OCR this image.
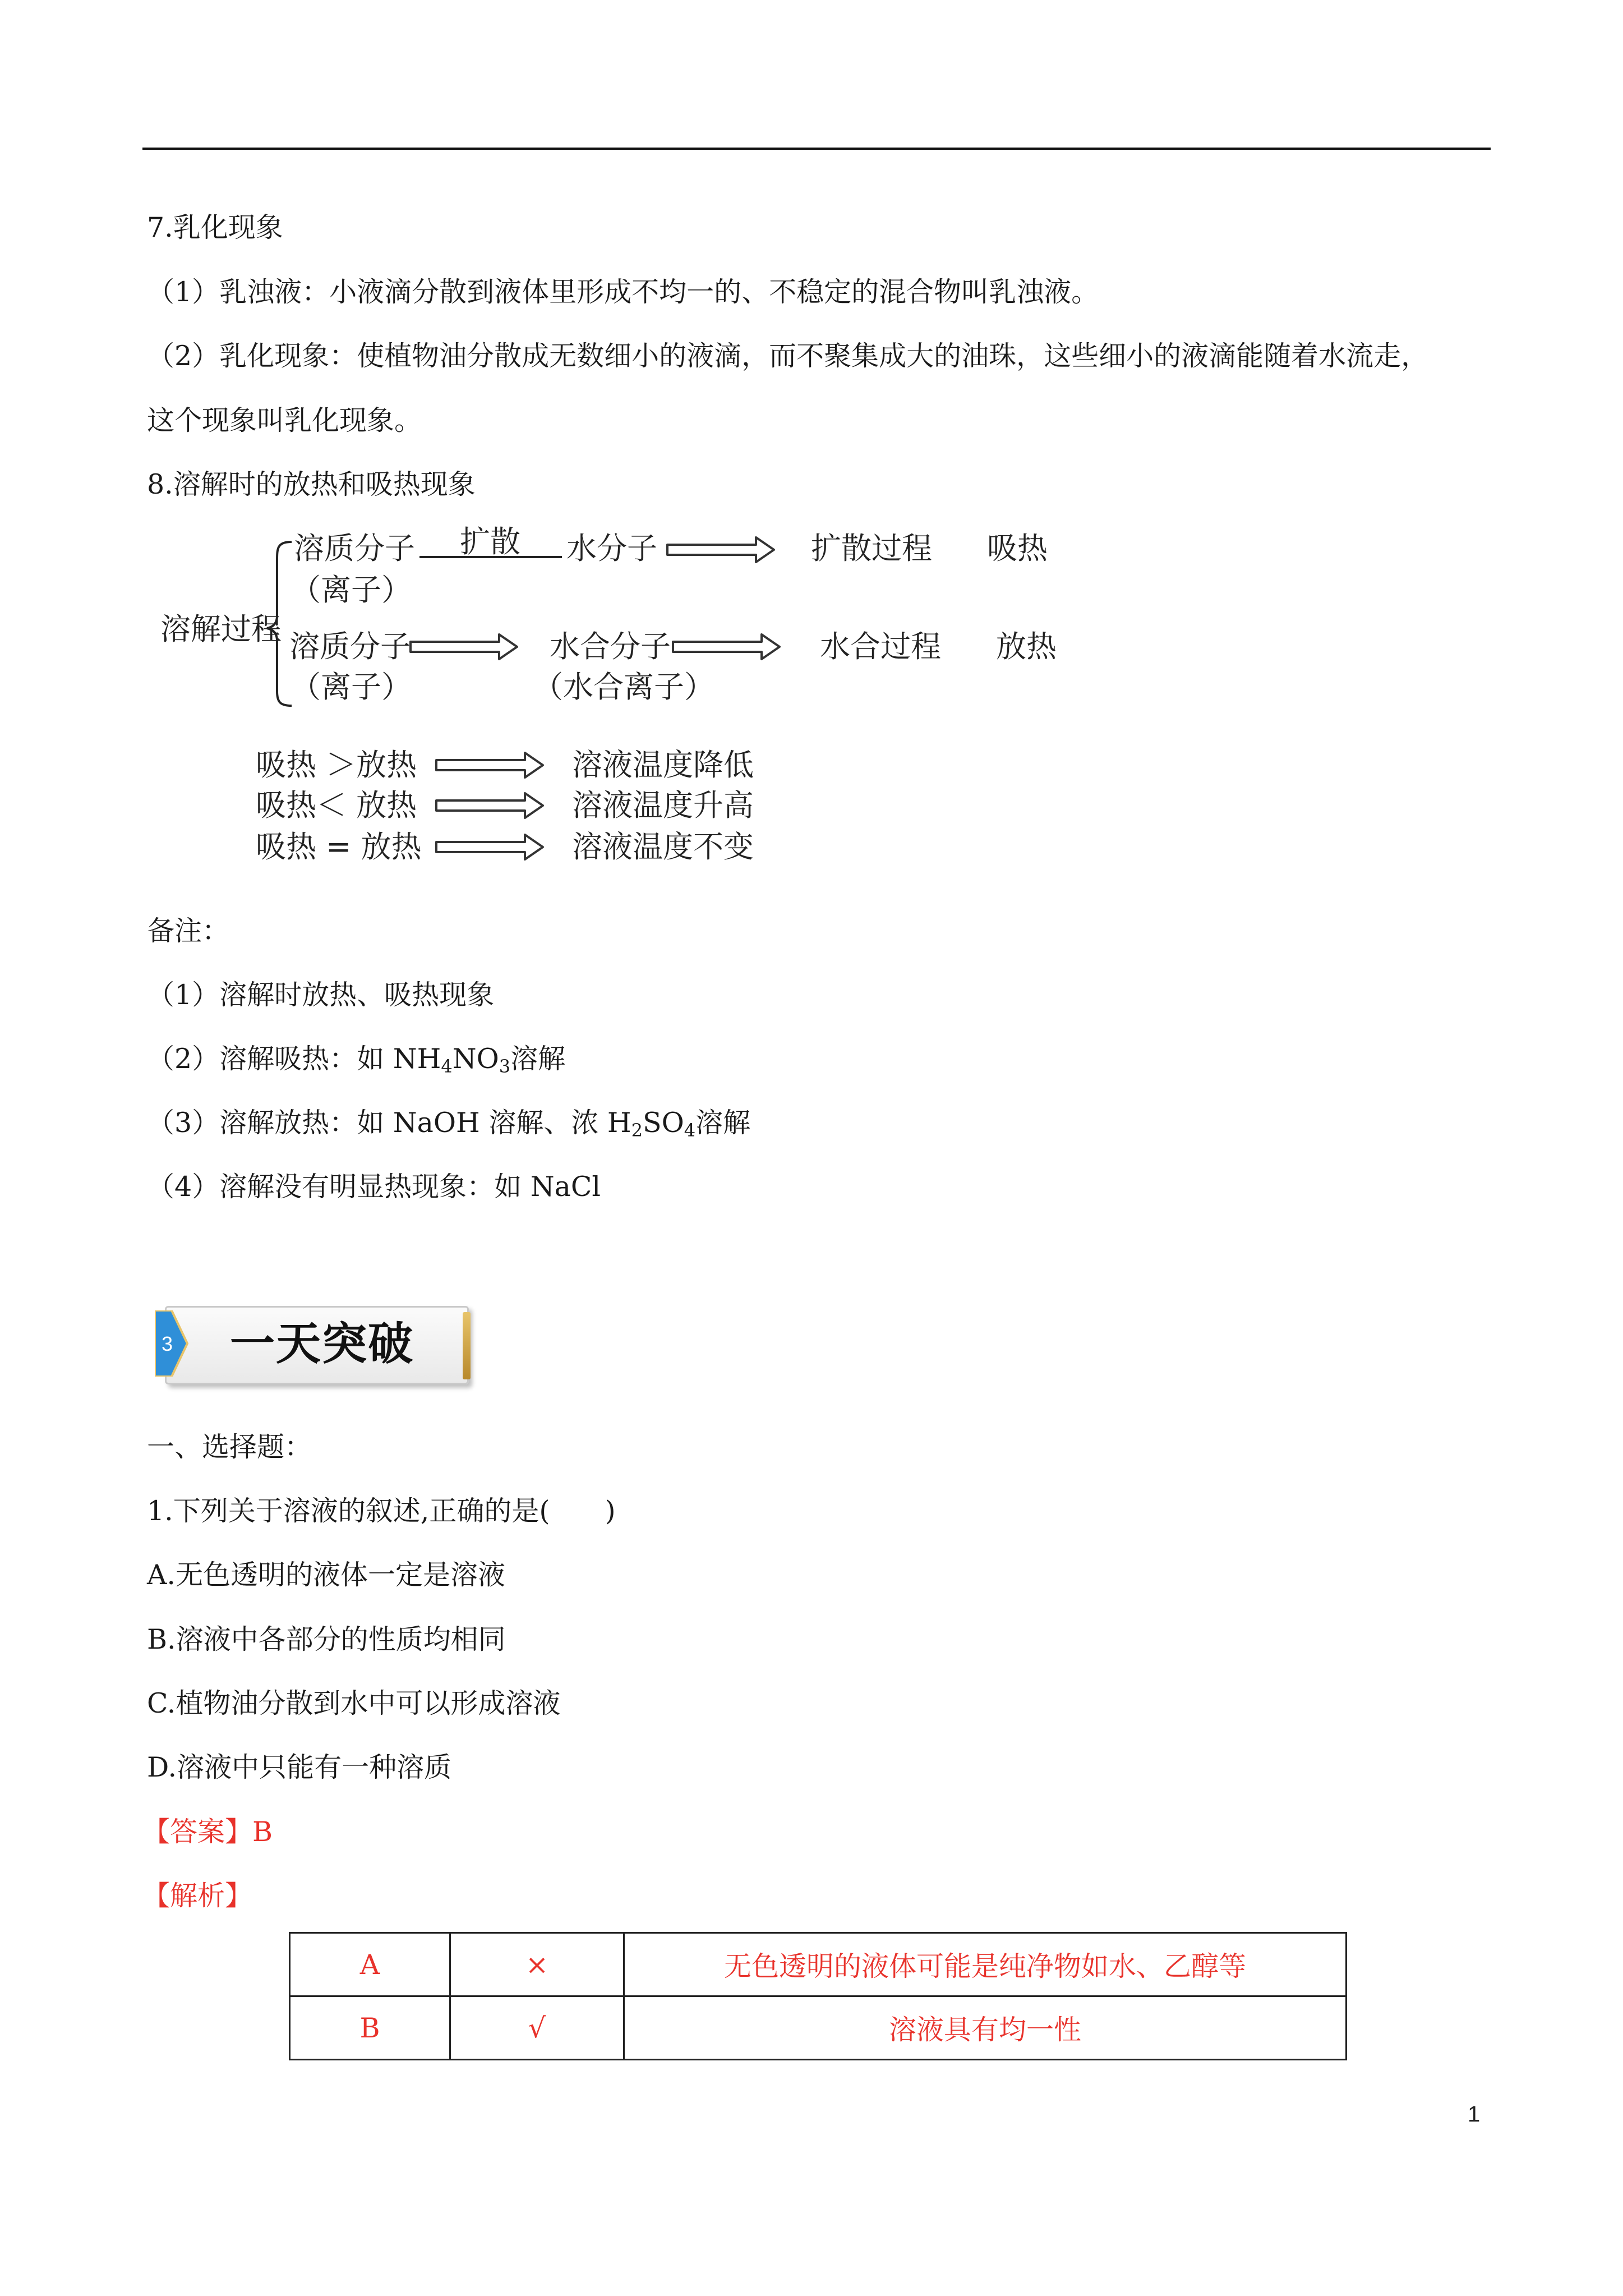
7.乳化现象
（1）乳浊液：小液滴分散到液体里形成不均一的、不稳定的混合物叫乳浊液。
（2）乳化现象：使植物油分散成无数细小的液滴，而不聚集成大的油珠，这些细小的液滴能随着水流走，
这个现象叫乳化现象。
8.溶解时的放热和吸热现象
溶解过程
溶质分子 扩散 水分子	扩散过程 吸热
（离子）
溶质分子	水合分子	水合过程 放热
（离子）	（水合离子）
吸热 ＞放热	溶液温度降低
吸热＜ 放热	溶液温度升高
吸热 = 放热	溶液温度不变
备注：
（1）溶解时放热、吸热现象
（2）溶解吸热：如 $NH_4NO_3$溶解
（3）溶解放热：如 NaOH 溶解、浓 $H_2SO_4$溶解
（4）溶解没有明显热现象：如 NaCl
3 一天突破
一、选择题：
1.下列关于溶液的叙述,正确的是(　　)
A.无色透明的液体一定是溶液
B.溶液中各部分的性质均相同
C.植物油分散到水中可以形成溶液
D.溶液中只能有一种溶质
【答案】B
【解析】
A	×	无色透明的液体可能是纯净物如水、乙醇等
B	√	溶液具有均一性
1
